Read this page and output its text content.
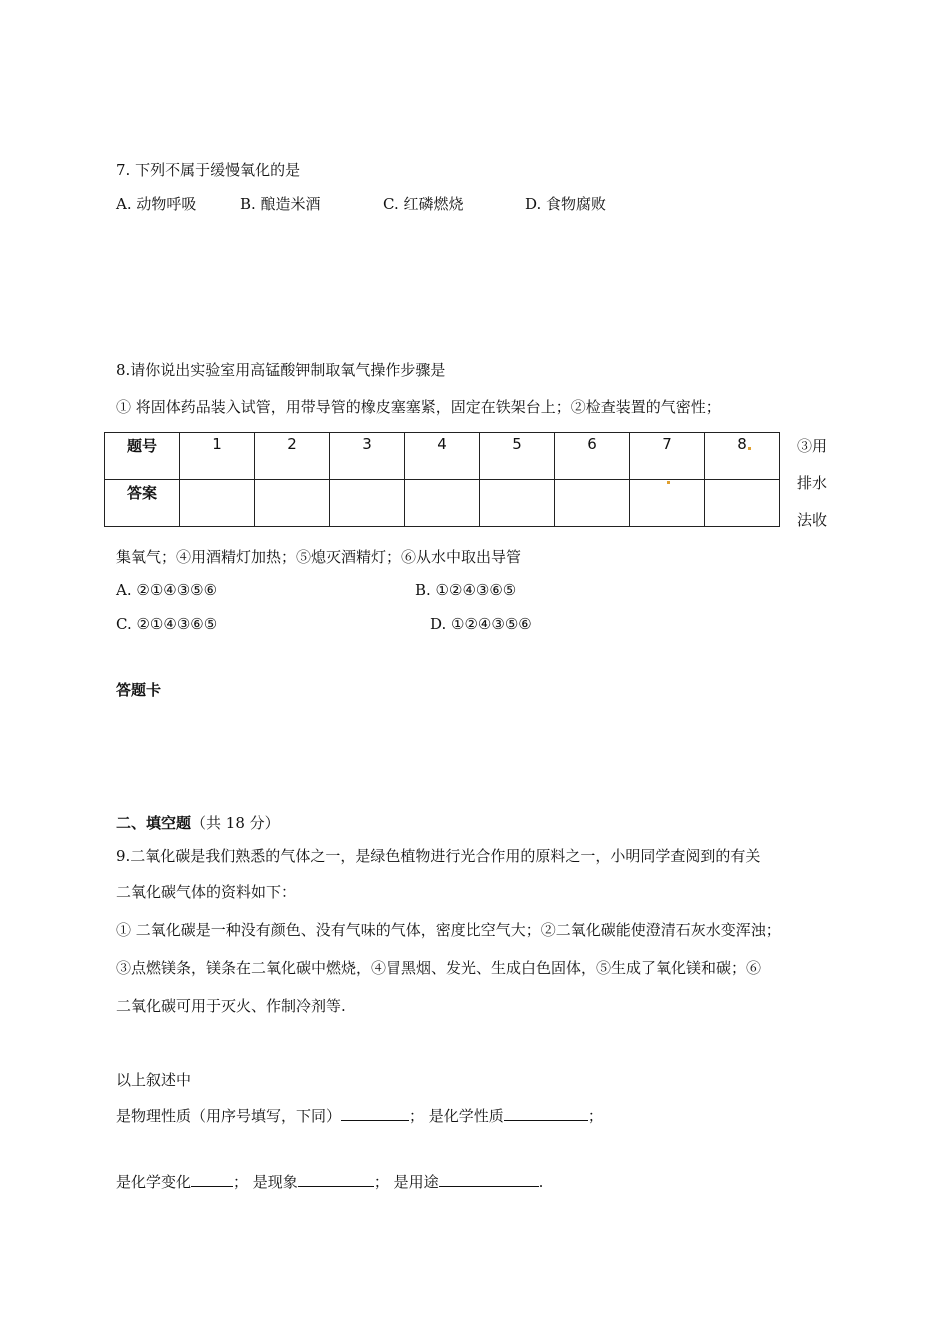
7. 下列不属于缓慢氧化的是
A. 动物呼吸	B. 酿造米酒	C. 红磷燃烧	D. 食物腐败
8.请你说出实验室用高锰酸钾制取氧气操作步骤是
① 将固体药品装入试管，用带导管的橡皮塞塞紧，固定在铁架台上；②检查装置的气密性；
题号	1	2	3	4	5	6	7	8
答案								
③用
排水
法收
集氧气；④用酒精灯加热；⑤熄灭酒精灯；⑥从水中取出导管
A. ②①④③⑤⑥	B. ①②④③⑥⑤
C. ②①④③⑥⑤	D. ①②④③⑤⑥
答题卡
二、填空题（共 18 分）
9.二氧化碳是我们熟悉的气体之一，是绿色植物进行光合作用的原料之一，小明同学查阅到的有关
二氧化碳气体的资料如下：
① 二氧化碳是一种没有颜色、没有气味的气体，密度比空气大；②二氧化碳能使澄清石灰水变浑浊；
③点燃镁条，镁条在二氧化碳中燃烧，④冒黑烟、发光、生成白色固体，⑤生成了氧化镁和碳；⑥
二氧化碳可用于灭火、作制冷剂等.
以上叙述中
是物理性质（用序号填写，下同）	； 是化学性质	；
是化学变化	； 是现象	； 是用途	.
